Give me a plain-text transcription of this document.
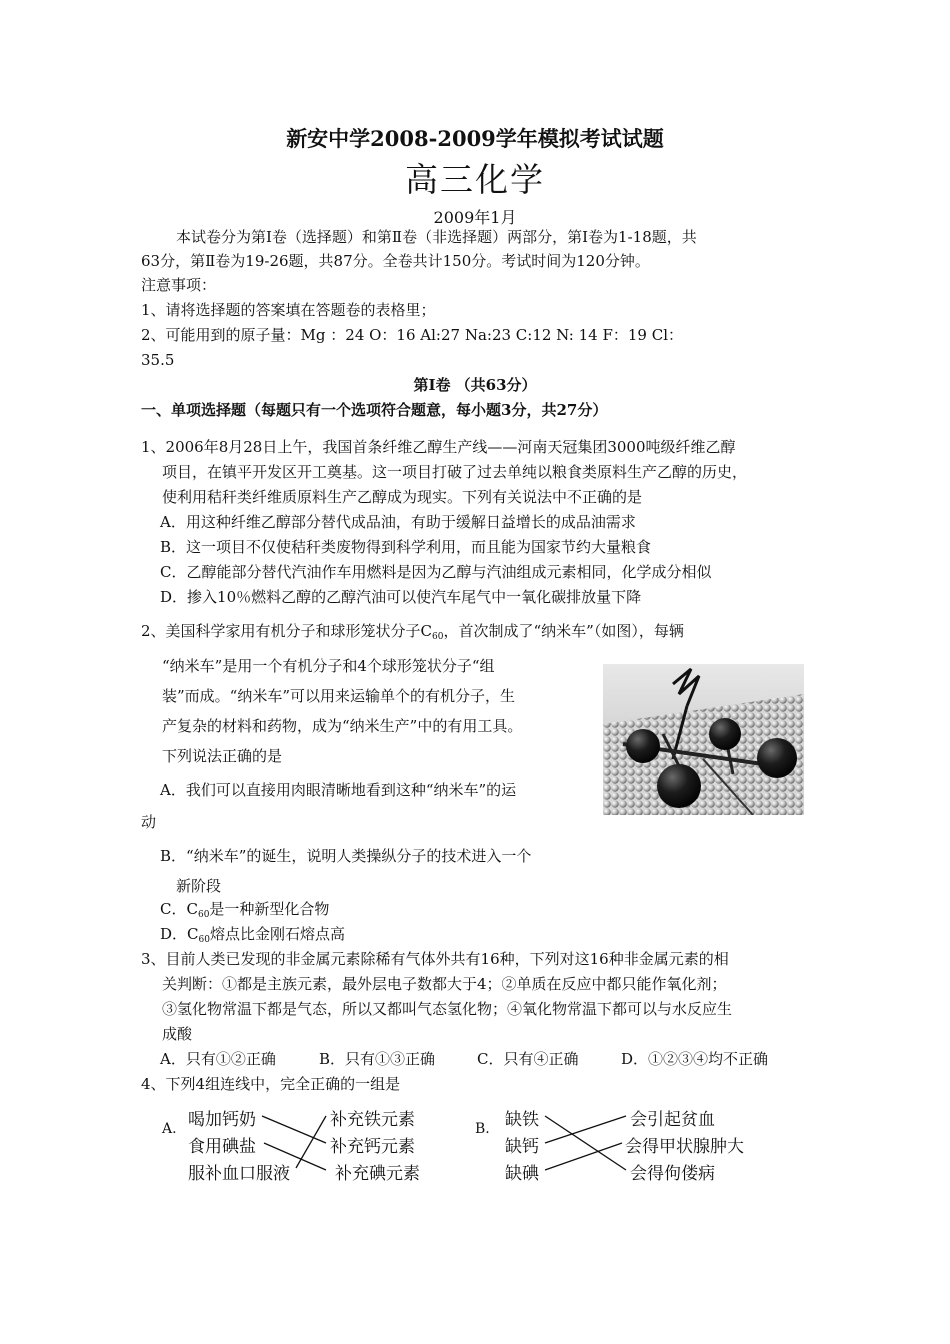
新安中学2008-2009学年模拟考试试题
高三化学
2009年1月
本试卷分为第Ⅰ卷（选择题）和第Ⅱ卷（非选择题）两部分，第Ⅰ卷为1-18题，共
63分，第Ⅱ卷为19-26题，共87分。全卷共计150分。考试时间为120分钟。
注意事项：
1、请将选择题的答案填在答题卷的表格里；
2、可能用到的原子量：Mg ：24 O：16 Al:27 Na:23 C:12 N: 14 F：19 Cl：
35.5
第Ⅰ卷 （共63分）
一、单项选择题（每题只有一个选项符合题意，每小题3分，共27分）
1、2006年8月28日上午，我国首条纤维乙醇生产线——河南天冠集团3000吨级纤维乙醇
项目，在镇平开发区开工奠基。这一项目打破了过去单纯以粮食类原料生产乙醇的历史，
使利用秸秆类纤维质原料生产乙醇成为现实。下列有关说法中不正确的是
A．用这种纤维乙醇部分替代成品油，有助于缓解日益增长的成品油需求
B．这一项目不仅使秸秆类废物得到科学利用，而且能为国家节约大量粮食
C．乙醇能部分替代汽油作车用燃料是因为乙醇与汽油组成元素相同，化学成分相似
D．掺入10％燃料乙醇的乙醇汽油可以使汽车尾气中一氧化碳排放量下降
2、美国科学家用有机分子和球形笼状分子$C_{60}$，首次制成了“纳米车”（如图），每辆
“纳米车”是用一个有机分子和4个球形笼状分子“组
装”而成。“纳米车”可以用来运输单个的有机分子，生
产复杂的材料和药物，成为“纳米生产”中的有用工具。
下列说法正确的是
A．我们可以直接用肉眼清晰地看到这种“纳米车”的运
动
B．“纳米车”的诞生，说明人类操纵分子的技术进入一个
新阶段
C．$C_{60}$是一种新型化合物
D．$C_{60}$熔点比金刚石熔点高
3、目前人类已发现的非金属元素除稀有气体外共有16种，下列对这16种非金属元素的相
关判断：①都是主族元素，最外层电子数都大于4；②单质在反应中都只能作氧化剂；
③氢化物常温下都是气态，所以又都叫气态氢化物；④氧化物常温下都可以与水反应生
成酸
A．只有①②正确	B．只有①③正确	C．只有④正确	D．①②③④均不正确
4、下列4组连线中，完全正确的一组是
A. 喝加钙奶
食用碘盐
服补血口服液
补充铁元素
补充钙元素
补充碘元素
B. 缺铁
缺钙
缺碘
会引起贫血
会得甲状腺肿大
会得佝偻病
